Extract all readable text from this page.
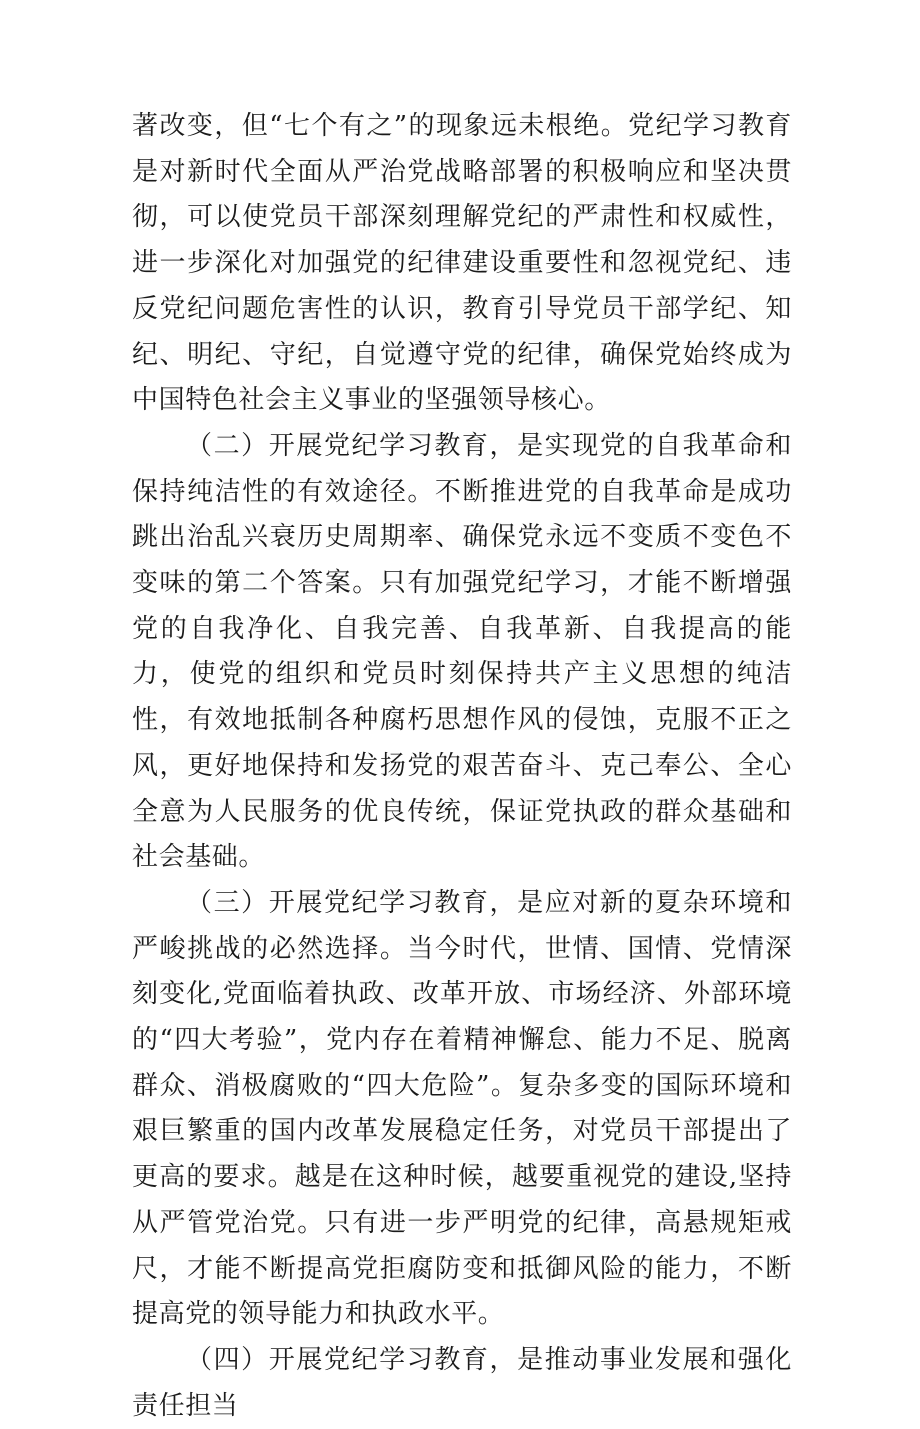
著改变，但“七个有之”的现象远未根绝。党纪学习教育是对新时代全面从严治党战略部署的积极响应和坚决贯彻，可以使党员干部深刻理解党纪的严肃性和权威性，进一步深化对加强党的纪律建设重要性和忽视党纪、违反党纪问题危害性的认识，教育引导党员干部学纪、知纪、明纪、守纪，自觉遵守党的纪律，确保党始终成为中国特色社会主义事业的坚强领导核心。

（二）开展党纪学习教育，是实现党的自我革命和保持纯洁性的有效途径。不断推进党的自我革命是成功跳出治乱兴衰历史周期率、确保党永远不变质不变色不变味的第二个答案。只有加强党纪学习，才能不断增强党的自我净化、自我完善、自我革新、自我提高的能力，使党的组织和党员时刻保持共产主义思想的纯洁性，有效地抵制各种腐朽思想作风的侵蚀，克服不正之风，更好地保持和发扬党的艰苦奋斗、克己奉公、全心全意为人民服务的优良传统，保证党执政的群众基础和社会基础。

（三）开展党纪学习教育，是应对新的夏杂环境和严峻挑战的必然选择。当今时代，世情、国情、党情深刻变化,党面临着执政、改革开放、市场经济、外部环境的“四大考验”，党内存在着精神懈怠、能力不足、脱离群众、消极腐败的“四大危险”。复杂多变的国际环境和艰巨繁重的国内改革发展稳定任务，对党员干部提出了更高的要求。越是在这种时候，越要重视党的建设,坚持从严管党治党。只有进一步严明党的纪律，高悬规矩戒尺，才能不断提高党拒腐防变和抵御风险的能力，不断提高党的领导能力和执政水平。

（四）开展党纪学习教育，是推动事业发展和强化责任担当
